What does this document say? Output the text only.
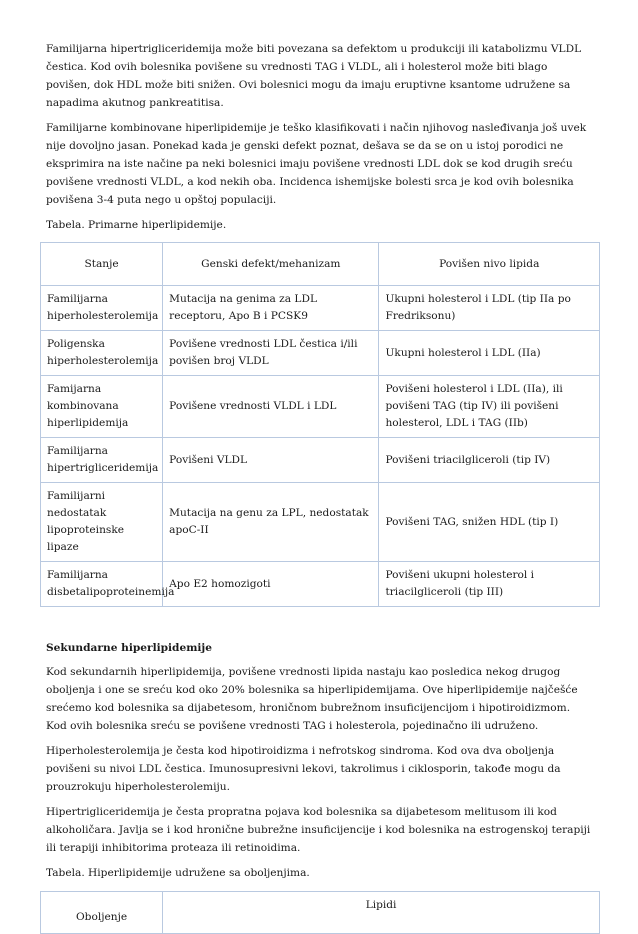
Familijarna hipertrigliceridemija može biti povezana sa defektom u produkciji ili katabolizmu VLDL čestica. Kod ovih bolesnika povišene su vrednosti TAG i VLDL, ali i holesterol može biti blago povišen, dok HDL može biti snižen. Ovi bolesnici mogu da imaju eruptivne ksantome udružene sa napadima akutnog pankreatitisa.

Familijarne kombinovane hiperlipidemije je teško klasifikovati i način njihovog nasleđivanja još uvek nije dovoljno jasan. Ponekad kada je genski defekt poznat, dešava se da se on u istoj porodici ne eksprimira na iste načine pa neki bolesnici imaju povišene vrednosti LDL dok se kod drugih sreću povišene vrednosti VLDL, a kod nekih oba. Incidenca ishemijske bolesti srca je kod ovih bolesnika povišena 3-4 puta nego u opštoj populaciji.

Tabela. Primarne hiperlipidemije.

Stanje	Genski defekt/mehanizam	Povišen nivo lipida
Familijarna hiperholesterolemija	Mutacija na genima za LDL receptoru, Apo B i PCSK9	Ukupni holesterol i LDL (tip IIa po Fredriksonu)
Poligenska hiperholesterolemija	Povišene vrednosti LDL čestica i/ili povišen broj VLDL	Ukupni holesterol i LDL (IIa)
Famijarna kombinovana hiperlipidemija	Povišene vrednosti VLDL i LDL	Povišeni holesterol i LDL (IIa), ili povišeni TAG (tip IV) ili povišeni holesterol, LDL i TAG (IIb)
Familijarna hipertrigliceridemija	Povišeni VLDL	Povišeni triacilgliceroli (tip IV)
Familijarni nedostatak lipoproteinske lipaze	Mutacija na genu za LPL, nedostatak apoC-II	Povišeni TAG, snižen HDL (tip I)
Familijarna disbetalipoproteinemija	Apo E2 homozigoti	Povišeni ukupni holesterol i triacilgliceroli (tip III)
Sekundarne hiperlipidemije

Kod sekundarnih hiperlipidemija, povišene vrednosti lipida nastaju kao posledica nekog drugog oboljenja i one se sreću kod oko 20% bolesnika sa hiperlipidemijama. Ove hiperlipidemije najčešće srećemo kod bolesnika sa dijabetesom, hroničnom bubrežnom insuficijencijom i hipotiroidizmom. Kod ovih bolesnika sreću se povišene vrednosti TAG i holesterola, pojedinačno ili udruženo.

Hiperholesterolemija je česta kod hipotiroidizma i nefrotskog sindroma. Kod ova dva oboljenja povišeni su nivoi LDL čestica. Imunosupresivni lekovi, takrolimus i ciklosporin, takođe mogu da prouzrokuju hiperholesterolemiju.

Hipertrigliceridemija je česta propratna pojava kod bolesnika sa dijabetesom melitusom ili kod alkoholičara. Javlja se i kod hronične bubrežne insuficijencije i kod bolesnika na estrogenskoj terapiji ili terapiji inhibitorima proteaza ili retinoidima.

Tabela. Hiperlipidemije udružene sa oboljenjima.

Oboljenje	Lipidi
